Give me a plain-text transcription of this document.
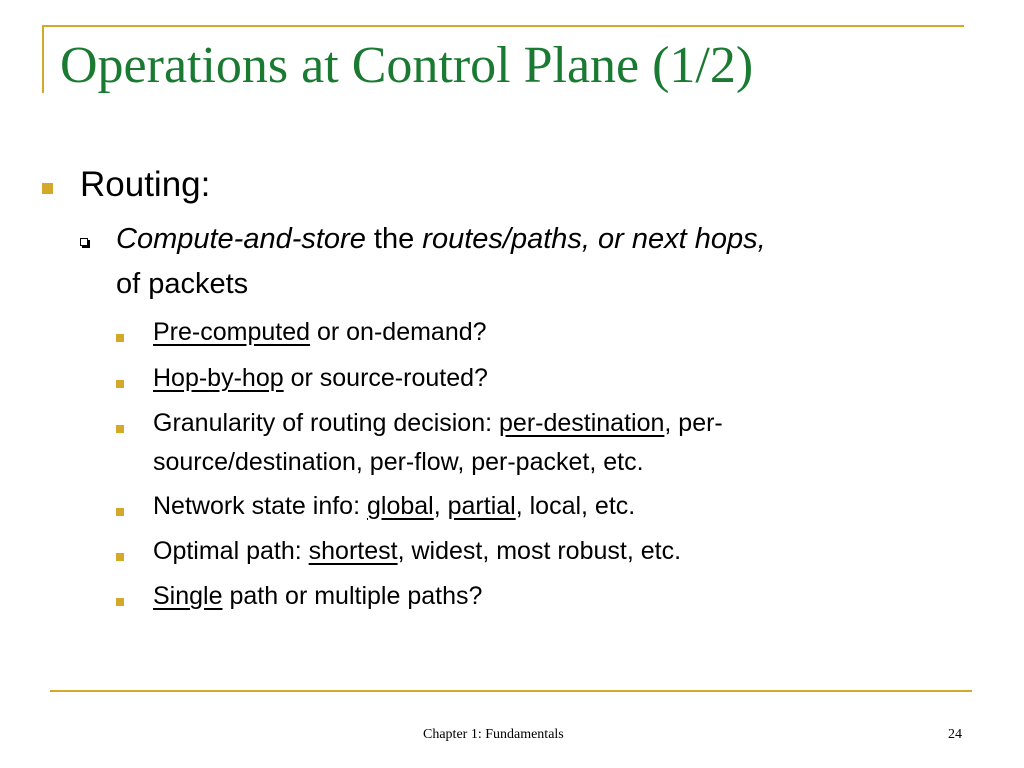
Operations at Control Plane (1/2)
Routing:
Compute-and-store the routes/paths, or next hops,
of packets
Pre-computed or on-demand?
Hop-by-hop or source-routed?
Granularity of routing decision: per-destination, per-
source/destination, per-flow, per-packet, etc.
Network state info: global, partial, local, etc.
Optimal path: shortest, widest, most robust, etc.
Single path or multiple paths?
Chapter 1: Fundamentals	24
